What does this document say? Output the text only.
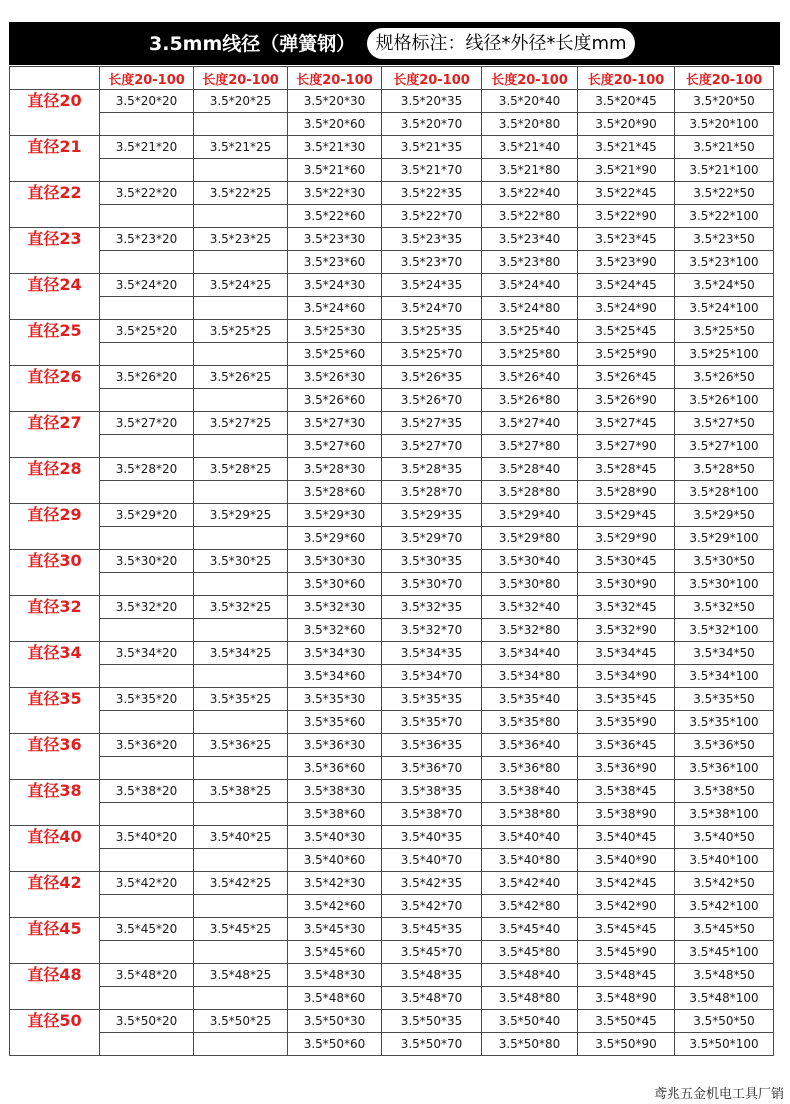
3.5mm线径（弹簧钢）	规格标注：线径*外径*长度mm
	长度20-100	长度20-100	长度20-100	长度20-100	长度20-100	长度20-100	长度20-100
直径20	3.5*20*20	3.5*20*25	3.5*20*30	3.5*20*35	3.5*20*40	3.5*20*45	3.5*20*50
			3.5*20*60	3.5*20*70	3.5*20*80	3.5*20*90	3.5*20*100
直径21	3.5*21*20	3.5*21*25	3.5*21*30	3.5*21*35	3.5*21*40	3.5*21*45	3.5*21*50
			3.5*21*60	3.5*21*70	3.5*21*80	3.5*21*90	3.5*21*100
直径22	3.5*22*20	3.5*22*25	3.5*22*30	3.5*22*35	3.5*22*40	3.5*22*45	3.5*22*50
			3.5*22*60	3.5*22*70	3.5*22*80	3.5*22*90	3.5*22*100
直径23	3.5*23*20	3.5*23*25	3.5*23*30	3.5*23*35	3.5*23*40	3.5*23*45	3.5*23*50
			3.5*23*60	3.5*23*70	3.5*23*80	3.5*23*90	3.5*23*100
直径24	3.5*24*20	3.5*24*25	3.5*24*30	3.5*24*35	3.5*24*40	3.5*24*45	3.5*24*50
			3.5*24*60	3.5*24*70	3.5*24*80	3.5*24*90	3.5*24*100
直径25	3.5*25*20	3.5*25*25	3.5*25*30	3.5*25*35	3.5*25*40	3.5*25*45	3.5*25*50
			3.5*25*60	3.5*25*70	3.5*25*80	3.5*25*90	3.5*25*100
直径26	3.5*26*20	3.5*26*25	3.5*26*30	3.5*26*35	3.5*26*40	3.5*26*45	3.5*26*50
			3.5*26*60	3.5*26*70	3.5*26*80	3.5*26*90	3.5*26*100
直径27	3.5*27*20	3.5*27*25	3.5*27*30	3.5*27*35	3.5*27*40	3.5*27*45	3.5*27*50
			3.5*27*60	3.5*27*70	3.5*27*80	3.5*27*90	3.5*27*100
直径28	3.5*28*20	3.5*28*25	3.5*28*30	3.5*28*35	3.5*28*40	3.5*28*45	3.5*28*50
			3.5*28*60	3.5*28*70	3.5*28*80	3.5*28*90	3.5*28*100
直径29	3.5*29*20	3.5*29*25	3.5*29*30	3.5*29*35	3.5*29*40	3.5*29*45	3.5*29*50
			3.5*29*60	3.5*29*70	3.5*29*80	3.5*29*90	3.5*29*100
直径30	3.5*30*20	3.5*30*25	3.5*30*30	3.5*30*35	3.5*30*40	3.5*30*45	3.5*30*50
			3.5*30*60	3.5*30*70	3.5*30*80	3.5*30*90	3.5*30*100
直径32	3.5*32*20	3.5*32*25	3.5*32*30	3.5*32*35	3.5*32*40	3.5*32*45	3.5*32*50
			3.5*32*60	3.5*32*70	3.5*32*80	3.5*32*90	3.5*32*100
直径34	3.5*34*20	3.5*34*25	3.5*34*30	3.5*34*35	3.5*34*40	3.5*34*45	3.5*34*50
			3.5*34*60	3.5*34*70	3.5*34*80	3.5*34*90	3.5*34*100
直径35	3.5*35*20	3.5*35*25	3.5*35*30	3.5*35*35	3.5*35*40	3.5*35*45	3.5*35*50
			3.5*35*60	3.5*35*70	3.5*35*80	3.5*35*90	3.5*35*100
直径36	3.5*36*20	3.5*36*25	3.5*36*30	3.5*36*35	3.5*36*40	3.5*36*45	3.5*36*50
			3.5*36*60	3.5*36*70	3.5*36*80	3.5*36*90	3.5*36*100
直径38	3.5*38*20	3.5*38*25	3.5*38*30	3.5*38*35	3.5*38*40	3.5*38*45	3.5*38*50
			3.5*38*60	3.5*38*70	3.5*38*80	3.5*38*90	3.5*38*100
直径40	3.5*40*20	3.5*40*25	3.5*40*30	3.5*40*35	3.5*40*40	3.5*40*45	3.5*40*50
			3.5*40*60	3.5*40*70	3.5*40*80	3.5*40*90	3.5*40*100
直径42	3.5*42*20	3.5*42*25	3.5*42*30	3.5*42*35	3.5*42*40	3.5*42*45	3.5*42*50
			3.5*42*60	3.5*42*70	3.5*42*80	3.5*42*90	3.5*42*100
直径45	3.5*45*20	3.5*45*25	3.5*45*30	3.5*45*35	3.5*45*40	3.5*45*45	3.5*45*50
			3.5*45*60	3.5*45*70	3.5*45*80	3.5*45*90	3.5*45*100
直径48	3.5*48*20	3.5*48*25	3.5*48*30	3.5*48*35	3.5*48*40	3.5*48*45	3.5*48*50
			3.5*48*60	3.5*48*70	3.5*48*80	3.5*48*90	3.5*48*100
直径50	3.5*50*20	3.5*50*25	3.5*50*30	3.5*50*35	3.5*50*40	3.5*50*45	3.5*50*50
			3.5*50*60	3.5*50*70	3.5*50*80	3.5*50*90	3.5*50*100
鸢兆五金机电工具厂销
